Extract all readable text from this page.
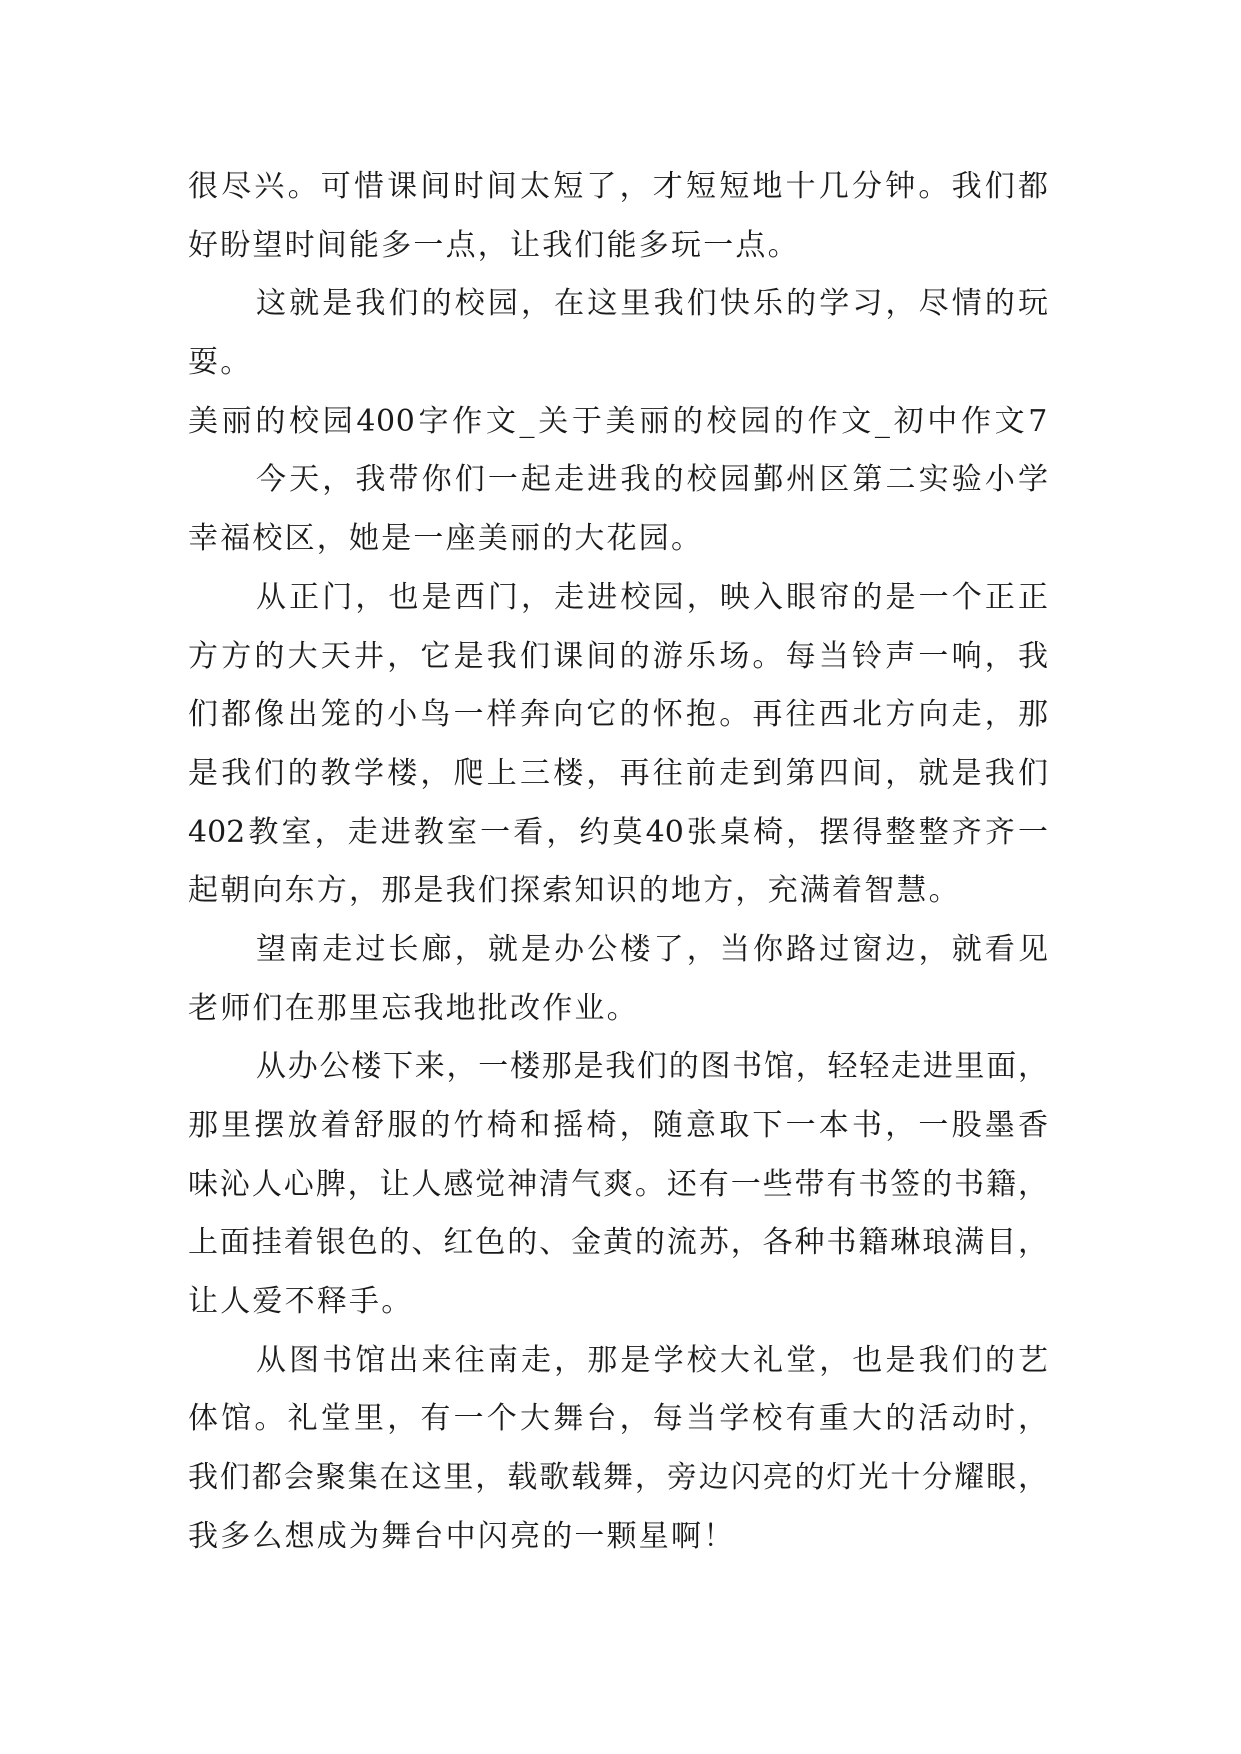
很尽兴。可惜课间时间太短了，才短短地十几分钟。我们都
好盼望时间能多一点，让我们能多玩一点。
这就是我们的校园，在这里我们快乐的学习，尽情的玩
耍。
美丽的校园400字作文_关于美丽的校园的作文_初中作文7
今天，我带你们一起走进我的校园鄞州区第二实验小学
幸福校区，她是一座美丽的大花园。
从正门，也是西门，走进校园，映入眼帘的是一个正正
方方的大天井，它是我们课间的游乐场。每当铃声一响，我
们都像出笼的小鸟一样奔向它的怀抱。再往西北方向走，那
是我们的教学楼，爬上三楼，再往前走到第四间，就是我们
402教室，走进教室一看，约莫40张桌椅，摆得整整齐齐一
起朝向东方，那是我们探索知识的地方，充满着智慧。
望南走过长廊，就是办公楼了，当你路过窗边，就看见
老师们在那里忘我地批改作业。
从办公楼下来，一楼那是我们的图书馆，轻轻走进里面，
那里摆放着舒服的竹椅和摇椅，随意取下一本书，一股墨香
味沁人心脾，让人感觉神清气爽。还有一些带有书签的书籍，
上面挂着银色的、红色的、金黄的流苏，各种书籍琳琅满目，
让人爱不释手。
从图书馆出来往南走，那是学校大礼堂，也是我们的艺
体馆。礼堂里，有一个大舞台，每当学校有重大的活动时，
我们都会聚集在这里，载歌载舞，旁边闪亮的灯光十分耀眼，
我多么想成为舞台中闪亮的一颗星啊！
